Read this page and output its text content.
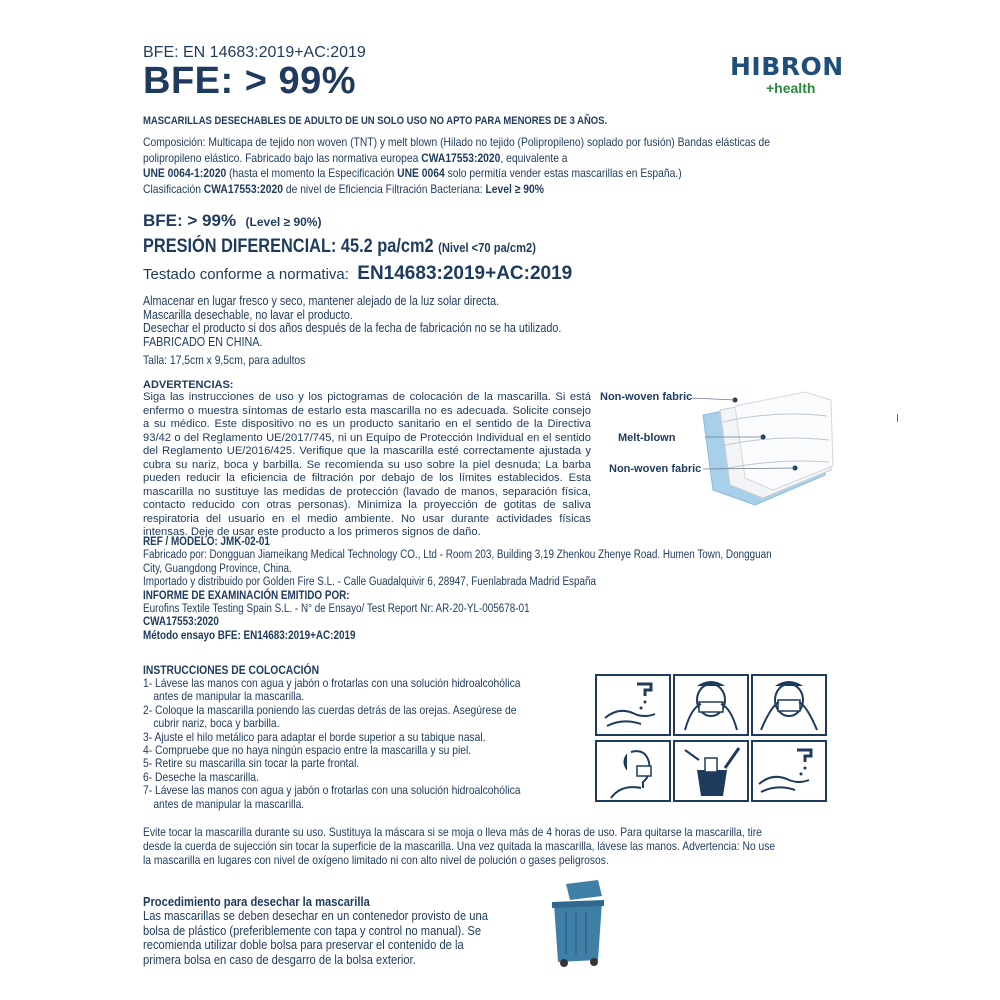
BFE: EN 14683:2019+AC:2019
BFE: > 99%	HIBRON
+health
MASCARILLAS DESECHABLES DE ADULTO DE UN SOLO USO NO APTO PARA MENORES DE 3 AÑOS.
Composición: Multicapa de tejido non woven (TNT) y melt blown (Hilado no tejido (Polipropileno) soplado por fusión) Bandas elásticas de
polipropileno elástico. Fabricado bajo las normativa europea CWA17553:2020, equivalente a
UNE 0064-1:2020 (hasta el momento la Especificación UNE 0064 solo permitía vender estas mascarillas en España.)
Clasificación CWA17553:2020 de nivel de Eficiencia Filtración Bacteriana: Level ≥ 90%
BFE: > 99% (Level ≥ 90%)
PRESIÓN DIFERENCIAL: 45.2 pa/cm2 (Nivel <70 pa/cm2)
Testado conforme a normativa: EN14683:2019+AC:2019
Almacenar en lugar fresco y seco, mantener alejado de la luz solar directa.
Mascarilla desechable, no lavar el producto.
Desechar el producto si dos años después de la fecha de fabricación no se ha utilizado.
FABRICADO EN CHINA.
Talla: 17,5cm x 9,5cm, para adultos
ADVERTENCIAS:
Siga las instrucciones de uso y los pictogramas de colocación de la mascarilla. Si está enfermo o muestra síntomas de estarlo esta mascarilla no es adecuada. Solicite consejo a su médico. Este dispositivo no es un producto sanitario en el sentido de la Directiva 93/42 o del Reglamento UE/2017/745, ni un Equipo de Protección Individual en el sentido del Reglamento UE/2016/425. Verifique que la mascarilla esté correctamente ajustada y cubra su nariz, boca y barbilla. Se recomienda su uso sobre la piel desnuda; La barba pueden reducir la eficiencia de filtración por debajo de los límites establecidos. Esta mascarilla no sustituye las medidas de protección (lavado de manos, separación física, contacto reducido con otras personas). Minimiza la proyección de gotitas de saliva respiratoria del usuario en el medio ambiente. No usar durante actividades físicas intensas. Deje de usar este producto a los primeros signos de daño.
Non-woven fabric
Melt-blown
Non-woven fabric
REF / MODELO: JMK-02-01
Fabricado por: Dongguan Jiameikang Medical Technology CO., Ltd - Room 203, Building 3,19 Zhenkou Zhenye Road. Humen Town, Dongguan
City, Guangdong Province, China.
Importado y distribuido por Golden Fire S.L. - Calle Guadalquivir 6, 28947, Fuenlabrada Madrid España
INFORME DE EXAMINACIÓN EMITIDO POR:
Eurofins Textile Testing Spain S.L. - N° de Ensayo/ Test Report Nr: AR-20-YL-005678-01
CWA17553:2020
Método ensayo BFE: EN14683:2019+AC:2019
INSTRUCCIONES DE COLOCACIÓN
1- Lávese las manos con agua y jabón o frotarlas con una solución hidroalcohólica
antes de manipular la mascarilla.
2- Coloque la mascarilla poniendo las cuerdas detrás de las orejas. Asegúrese de
cubrir nariz, boca y barbilla.
3- Ajuste el hilo metálico para adaptar el borde superior a su tabique nasal.
4- Compruebe que no haya ningún espacio entre la mascarilla y su piel.
5- Retire su mascarilla sin tocar la parte frontal.
6- Deseche la mascarilla.
7- Lávese las manos con agua y jabón o frotarlas con una solución hidroalcohólica
antes de manipular la mascarilla.
Evite tocar la mascarilla durante su uso. Sustituya la máscara si se moja o lleva más de 4 horas de uso. Para quitarse la mascarilla, tire
desde la cuerda de sujección sin tocar la superficie de la mascarilla. Una vez quitada la mascarilla, lávese las manos. Advertencia: No use
la mascarilla en lugares con nivel de oxígeno limitado ni con alto nivel de polución o gases peligrosos.
Procedimiento para desechar la mascarilla
Las mascarillas se deben desechar en un contenedor provisto de una
bolsa de plástico (preferiblemente con tapa y control no manual). Se
recomienda utilizar doble bolsa para preservar el contenido de la
primera bolsa en caso de desgarro de la bolsa exterior.
